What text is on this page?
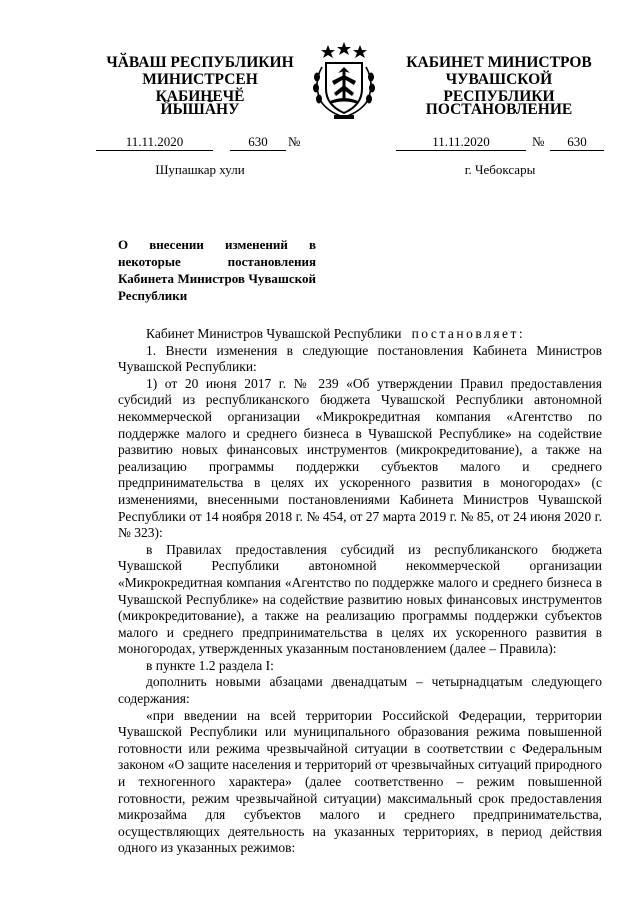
ЧӐВАШ РЕСПУБЛИКИН
МИНИСТРСЕН КАБИНЕЧӖ
КАБИНЕТ МИНИСТРОВ
ЧУВАШСКОЙ РЕСПУБЛИКИ
ЙЫШӐНУ	ПОСТАНОВЛЕНИЕ
11.11.2020	630	№	11.11.2020	№	630
Шупашкар хули	г. Чебоксары
О внесении изменений в некоторые постановления Кабинета Министров Чувашской Республики

Кабинет Министров Чувашской Республики постановляет:

1. Внести изменения в следующие постановления Кабинета Министров Чувашской Республики:

1) от 20 июня 2017 г. № 239 «Об утверждении Правил предоставления субсидий из республиканского бюджета Чувашской Республики автономной некоммерческой организации «Микрокредитная компания «Агентство по поддержке малого и среднего бизнеса в Чувашской Республике» на содействие развитию новых финансовых инструментов (микрокредитование), а также на реализацию программы поддержки субъектов малого и среднего предпринимательства в целях их ускоренного развития в моногородах» (с изменениями, внесенными постановлениями Кабинета Министров Чувашской Республики от 14 ноября 2018 г. № 454, от 27 марта 2019 г. № 85, от 24 июня 2020 г. № 323):

в Правилах предоставления субсидий из республиканского бюджета Чувашской Республики автономной некоммерческой организации «Микрокредитная компания «Агентство по поддержке малого и среднего бизнеса в Чувашской Республике» на содействие развитию новых финансовых инструментов (микрокредитование), а также на реализацию программы поддержки субъектов малого и среднего предпринимательства в целях их ускоренного развития в моногородах, утвержденных указанным постановлением (далее – Правила):

в пункте 1.2 раздела I:

дополнить новыми абзацами двенадцатым – четырнадцатым следующего содержания:

«при введении на всей территории Российской Федерации, территории Чувашской Республики или муниципального образования режима повышенной готовности или режима чрезвычайной ситуации в соответствии с Федеральным законом «О защите населения и территорий от чрезвычайных ситуаций природного и техногенного характера» (далее соответственно – режим повышенной готовности, режим чрезвычайной ситуации) максимальный срок предоставления микрозайма для субъектов малого и среднего предпринимательства, осуществляющих деятельность на указанных территориях, в период действия одного из указанных режимов:
